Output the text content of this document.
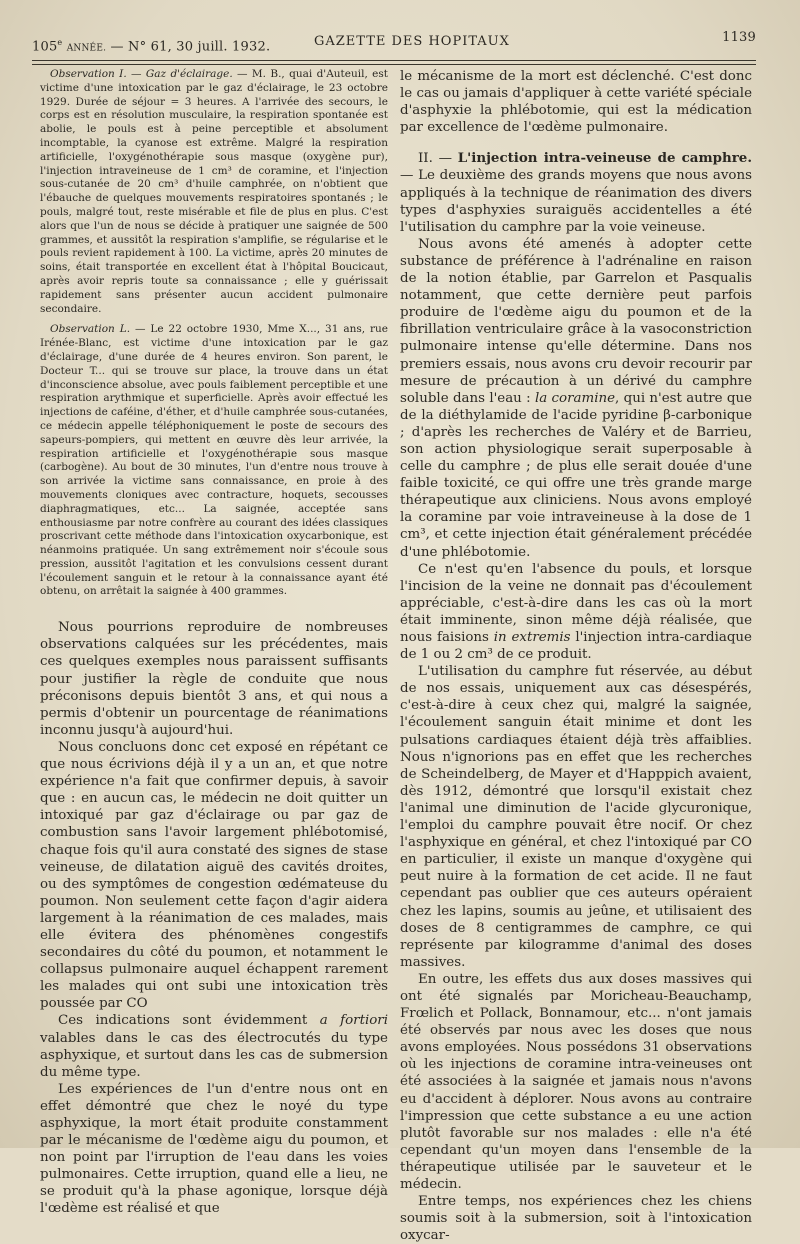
105e ANNÉE. — N° 61, 30 juill. 1932.	GAZETTE DES HOPITAUX	1139

Observation I. — Gaz d'éclairage. — M. B., quai d'Auteuil, est victime d'une intoxication par le gaz d'éclairage, le 23 octobre 1929. Durée de séjour = 3 heures. A l'arrivée des secours, le corps est en résolution musculaire, la respiration spontanée est abolie, le pouls est à peine perceptible et absolument incomptable, la cyanose est extrême. Malgré la respiration artificielle, l'oxygénothérapie sous masque (oxygène pur), l'injection intraveineuse de 1 cm³ de coramine, et l'injection sous-cutanée de 20 cm³ d'huile camphrée, on n'obtient que l'ébauche de quelques mouvements respiratoires spontanés ; le pouls, malgré tout, reste misérable et file de plus en plus. C'est alors que l'un de nous se décide à pratiquer une saignée de 500 grammes, et aussitôt la respiration s'amplifie, se régularise et le pouls revient rapidement à 100. La victime, après 20 minutes de soins, était transportée en excellent état à l'hôpital Boucicaut, après avoir repris toute sa connaissance ; elle y guérissait rapidement sans présenter aucun accident pulmonaire secondaire.

Observation L. — Le 22 octobre 1930, Mme X..., 31 ans, rue Irénée-Blanc, est victime d'une intoxication par le gaz d'éclairage, d'une durée de 4 heures environ. Son parent, le Docteur T... qui se trouve sur place, la trouve dans un état d'inconscience absolue, avec pouls faiblement perceptible et une respiration arythmique et superficielle. Après avoir effectué les injections de caféine, d'éther, et d'huile camphrée sous-cutanées, ce médecin appelle téléphoniquement le poste de secours des sapeurs-pompiers, qui mettent en œuvre dès leur arrivée, la respiration artificielle et l'oxygénothérapie sous masque (carbogène). Au bout de 30 minutes, l'un d'entre nous trouve à son arrivée la victime sans connaissance, en proie à des mouvements cloniques avec contracture, hoquets, secousses diaphragmatiques, etc... La saignée, acceptée sans enthousiasme par notre confrère au courant des idées classiques proscrivant cette méthode dans l'intoxication oxycarbonique, est néanmoins pratiquée. Un sang extrêmement noir s'écoule sous pression, aussitôt l'agitation et les convulsions cessent durant l'écoulement sanguin et le retour à la connaissance ayant été obtenu, on arrêtait la saignée à 400 grammes.

Nous pourrions reproduire de nombreuses observations calquées sur les précédentes, mais ces quelques exemples nous paraissent suffisants pour justifier la règle de conduite que nous préconisons depuis bientôt 3 ans, et qui nous a permis d'obtenir un pourcentage de réanimations inconnu jusqu'à aujourd'hui.

Nous concluons donc cet exposé en répétant ce que nous écrivions déjà il y a un an, et que notre expérience n'a fait que confirmer depuis, à savoir que : en aucun cas, le médecin ne doit quitter un intoxiqué par gaz d'éclairage ou par gaz de combustion sans l'avoir largement phlébotomisé, chaque fois qu'il aura constaté des signes de stase veineuse, de dilatation aiguë des cavités droites, ou des symptômes de congestion œdémateuse du poumon. Non seulement cette façon d'agir aidera largement à la réanimation de ces malades, mais elle évitera des phénomènes congestifs secondaires du côté du poumon, et notamment le collapsus pulmonaire auquel échappent rarement les malades qui ont subi une intoxication très poussée par CO

Ces indications sont évidemment a fortiori valables dans le cas des électrocutés du type asphyxique, et surtout dans les cas de submersion du même type.

Les expériences de l'un d'entre nous ont en effet démontré que chez le noyé du type asphyxique, la mort était produite constamment par le mécanisme de l'œdème aigu du poumon, et non point par l'irruption de l'eau dans les voies pulmonaires. Cette irruption, quand elle a lieu, ne se produit qu'à la phase agonique, lorsque déjà l'œdème est réalisé et que

le mécanisme de la mort est déclenché. C'est donc le cas ou jamais d'appliquer à cette variété spéciale d'asphyxie la phlébotomie, qui est la médication par excellence de l'œdème pulmonaire.

II. — L'injection intra-veineuse de camphre. — Le deuxième des grands moyens que nous avons appliqués à la technique de réanimation des divers types d'asphyxies suraiguës accidentelles a été l'utilisation du camphre par la voie veineuse.

Nous avons été amenés à adopter cette substance de préférence à l'adrénaline en raison de la notion établie, par Garrelon et Pasqualis notamment, que cette dernière peut parfois produire de l'œdème aigu du poumon et de la fibrillation ventriculaire grâce à la vasoconstriction pulmonaire intense qu'elle détermine. Dans nos premiers essais, nous avons cru devoir recourir par mesure de précaution à un dérivé du camphre soluble dans l'eau : la coramine, qui n'est autre que de la diéthylamide de l'acide pyridine β-carbonique ; d'après les recherches de Valéry et de Barrieu, son action physiologique serait superposable à celle du camphre ; de plus elle serait douée d'une faible toxicité, ce qui offre une très grande marge thérapeutique aux cliniciens. Nous avons employé la coramine par voie intraveineuse à la dose de 1 cm³, et cette injection était généralement précédée d'une phlébotomie.

Ce n'est qu'en l'absence du pouls, et lorsque l'incision de la veine ne donnait pas d'écoulement appréciable, c'est-à-dire dans les cas où la mort était imminente, sinon même déjà réalisée, que nous faisions in extremis l'injection intra-cardiaque de 1 ou 2 cm³ de ce produit.

L'utilisation du camphre fut réservée, au début de nos essais, uniquement aux cas désespérés, c'est-à-dire à ceux chez qui, malgré la saignée, l'écoulement sanguin était minime et dont les pulsations cardiaques étaient déjà très affaiblies. Nous n'ignorions pas en effet que les recherches de Scheindelberg, de Mayer et d'Happpich avaient, dès 1912, démontré que lorsqu'il existait chez l'animal une diminution de l'acide glycuronique, l'emploi du camphre pouvait être nocif. Or chez l'asphyxique en général, et chez l'intoxiqué par CO en particulier, il existe un manque d'oxygène qui peut nuire à la formation de cet acide. Il ne faut cependant pas oublier que ces auteurs opéraient chez les lapins, soumis au jeûne, et utilisaient des doses de 8 centigrammes de camphre, ce qui représente par kilogramme d'animal des doses massives.

En outre, les effets dus aux doses massives qui ont été signalés par Moricheau-Beauchamp, Frœlich et Pollack, Bonnamour, etc... n'ont jamais été observés par nous avec les doses que nous avons employées. Nous possédons 31 observations où les injections de coramine intra-veineuses ont été associées à la saignée et jamais nous n'avons eu d'accident à déplorer. Nous avons au contraire l'impression que cette substance a eu une action plutôt favorable sur nos malades : elle n'a été cependant qu'un moyen dans l'ensemble de la thérapeutique utilisée par le sauveteur et le médecin.

Entre temps, nos expériences chez les chiens soumis soit à la submersion, soit à l'intoxication oxycar-
